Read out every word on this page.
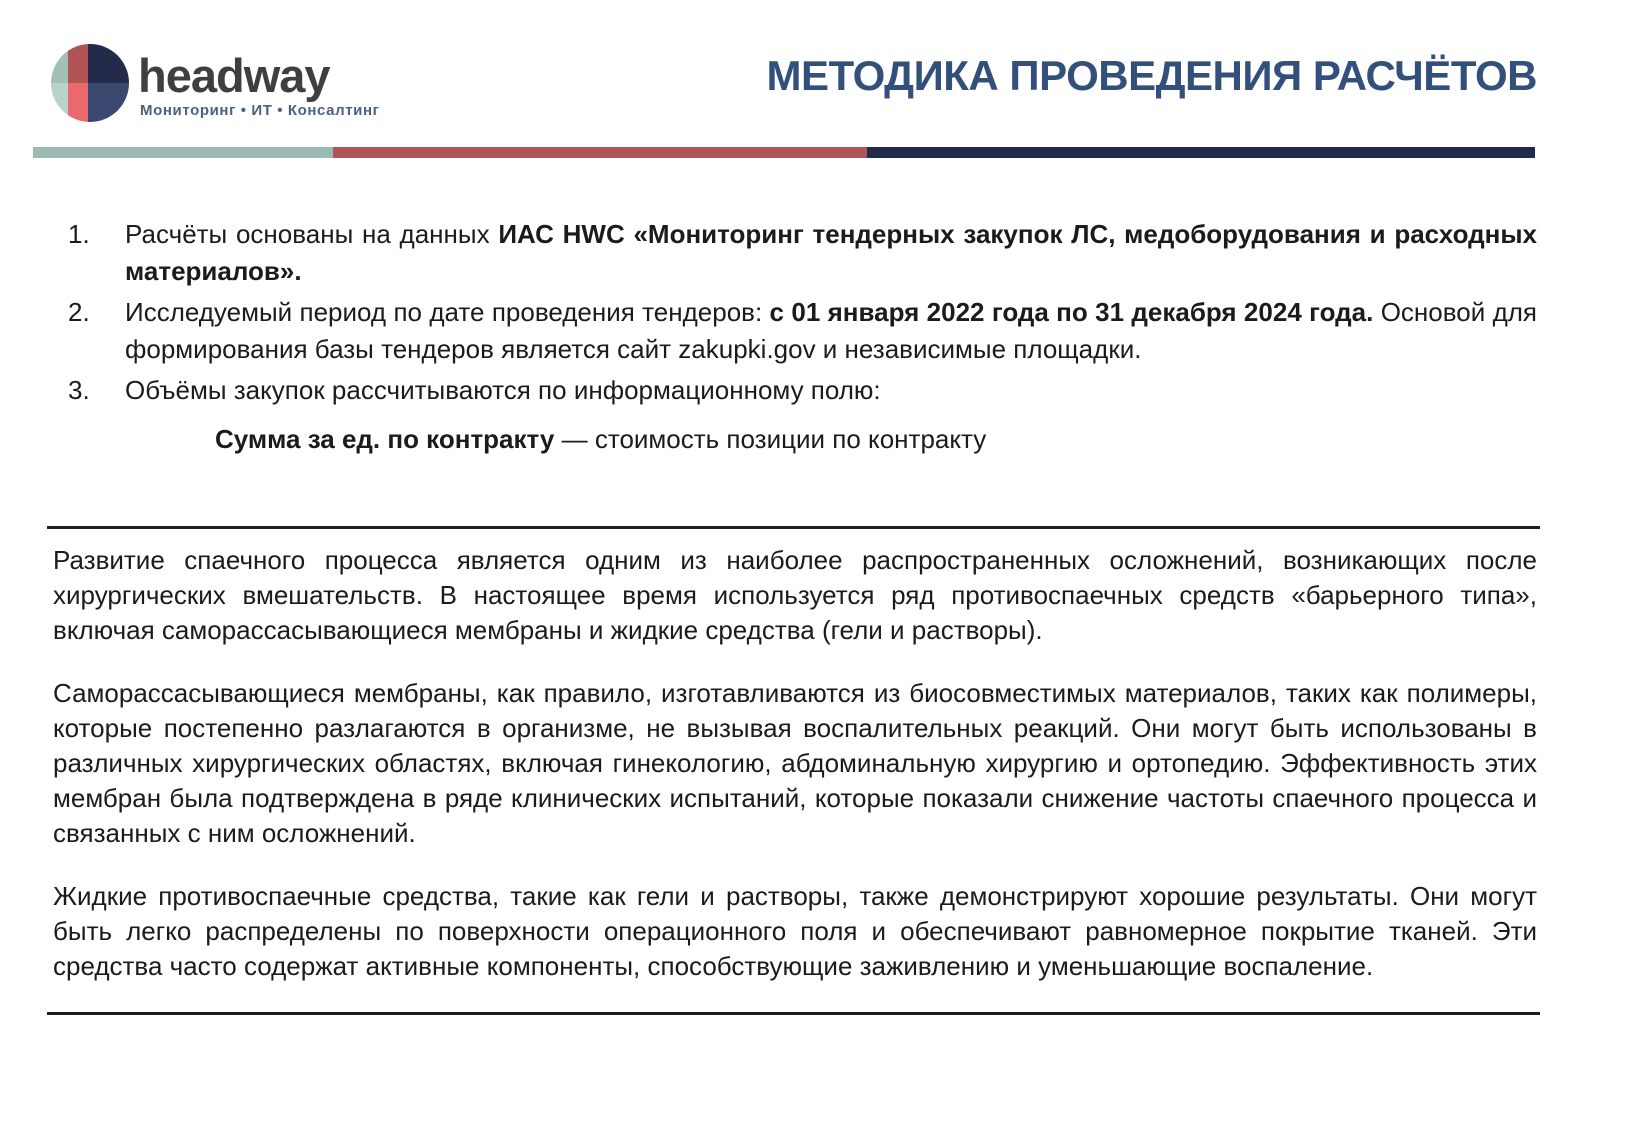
headway
Мониторинг • ИТ • Консалтинг
МЕТОДИКА ПРОВЕДЕНИЯ РАСЧЁТОВ
1.	Расчёты основаны на данных ИАС HWC «Мониторинг тендерных закупок ЛС, медоборудования и расходных материалов».
2.	Исследуемый период по дате проведения тендеров: с 01 января 2022 года по 31 декабря 2024 года. Основой для формирования базы тендеров является сайт zakupki.gov и независимые площадки.
3.	Объёмы закупок рассчитываются по информационному полю:

Сумма за ед. по контракту — стоимость позиции по контракту

Развитие спаечного процесса является одним из наиболее распространенных осложнений, возникающих после хирургических вмешательств. В настоящее время используется ряд противоспаечных средств «барьерного типа», включая саморассасывающиеся мембраны и жидкие средства (гели и растворы).

Саморассасывающиеся мембраны, как правило, изготавливаются из биосовместимых материалов, таких как полимеры, которые постепенно разлагаются в организме, не вызывая воспалительных реакций. Они могут быть использованы в различных хирургических областях, включая гинекологию, абдоминальную хирургию и ортопедию. Эффективность этих мембран была подтверждена в ряде клинических испытаний, которые показали снижение частоты спаечного процесса и связанных с ним осложнений.

Жидкие противоспаечные средства, такие как гели и растворы, также демонстрируют хорошие результаты. Они могут быть легко распределены по поверхности операционного поля и обеспечивают равномерное покрытие тканей. Эти средства часто содержат активные компоненты, способствующие заживлению и уменьшающие воспаление.
